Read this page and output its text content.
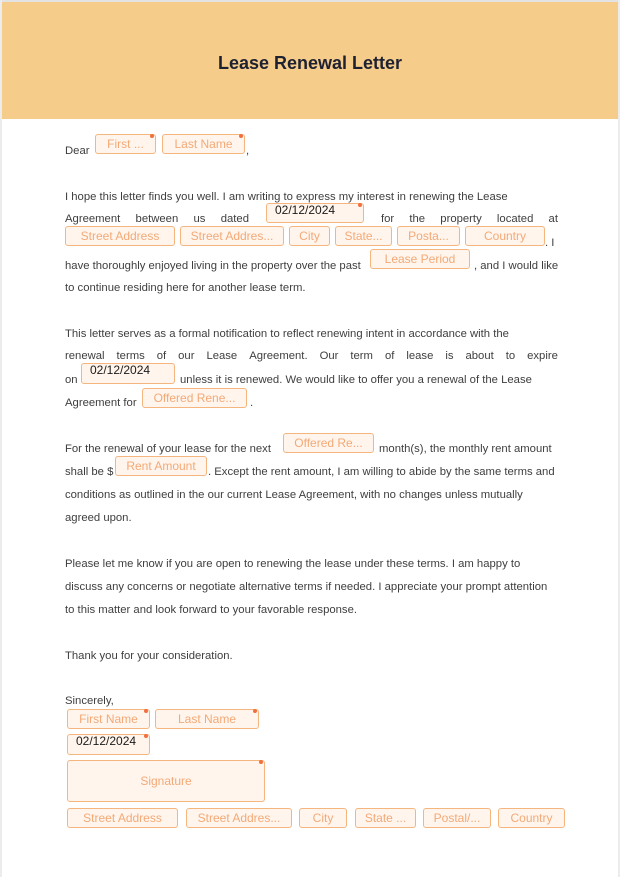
Lease Renewal Letter
Dear	First ...	Last Name	,
I hope this letter finds you well. I am writing to express my interest in renewing the Lease
Agreement between us dated
02/12/2024
for the property located at
Street Address	Street Addres...	City	State...	Posta...	Country	. I
have thoroughly enjoyed living in the property over the past	Lease Period	, and I would like
to continue residing here for another lease term.
This letter serves as a formal notification to reflect renewing intent in accordance with the
renewal terms of our Lease Agreement. Our term of lease is about to expire
on
02/12/2024
unless it is renewed. We would like to offer you a renewal of the Lease
Agreement for	Offered Rene...	.
For the renewal of your lease for the next	Offered Re...	month(s), the monthly rent amount
shall be $	Rent Amount	. Except the rent amount, I am willing to abide by the same terms and
conditions as outlined in the our current Lease Agreement, with no changes unless mutually
agreed upon.
Please let me know if you are open to renewing the lease under these terms. I am happy to
discuss any concerns or negotiate alternative terms if needed. I appreciate your prompt attention
to this matter and look forward to your favorable response.
Thank you for your consideration.
Sincerely,
First Name	Last Name
02/12/2024
Signature
Street Address	Street Addres...	City	State ...	Postal/...	Country
